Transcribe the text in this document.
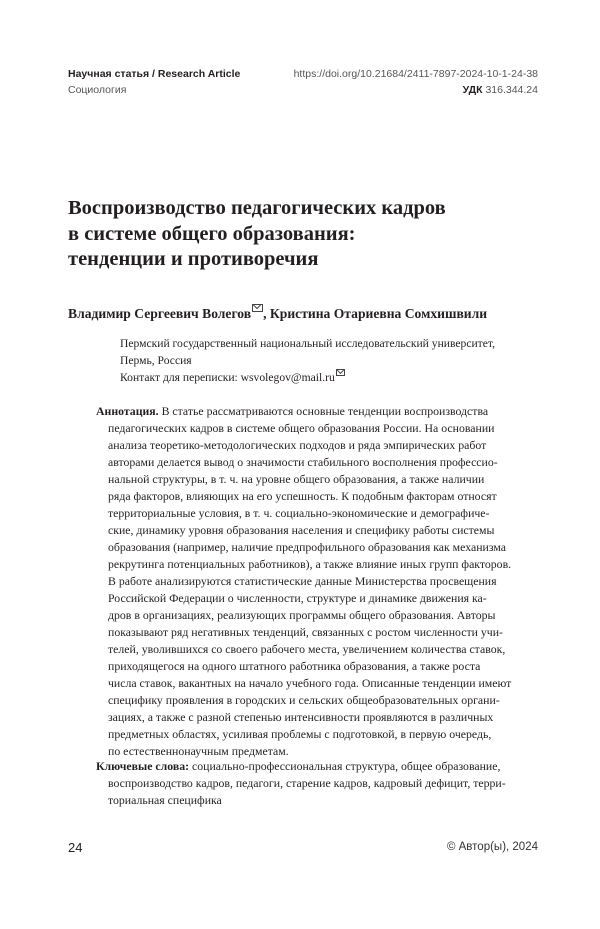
Научная статья / Research Article
Социология
https://doi.org/10.21684/2411-7897-2024-10-1-24-38
УДК 316.344.24
Воспроизводство педагогических кадров
в системе общего образования:
тенденции и противоречия
Владимир Сергеевич Волегов , Кристина Отариевна Сомхишвили
Пермский государственный национальный исследовательский университет,
Пермь, Россия
Контакт для переписки: wsvolegov@mail.ru
Аннотация. В статье рассматриваются основные тенденции воспроизводства
педагогических кадров в системе общего образования России. На основании
анализа теоретико-методологических подходов и ряда эмпирических работ
авторами делается вывод о значимости стабильного восполнения профессио-
нальной структуры, в т. ч. на уровне общего образования, а также наличии
ряда факторов, влияющих на его успешность. К подобным факторам относят
территориальные условия, в т. ч. социально-экономические и демографиче-
ские, динамику уровня образования населения и специфику работы системы
образования (например, наличие предпрофильного образования как механизма
рекрутинга потенциальных работников), а также влияние иных групп факторов.
В работе анализируются статистические данные Министерства просвещения
Российской Федерации о численности, структуре и динамике движения ка-
дров в организациях, реализующих программы общего образования. Авторы
показывают ряд негативных тенденций, связанных с ростом численности учи-
телей, уволившихся со своего рабочего места, увеличением количества ставок,
приходящегося на одного штатного работника образования, а также роста
числа ставок, вакантных на начало учебного года. Описанные тенденции имеют
специфику проявления в городских и сельских общеобразовательных органи-
зациях, а также с разной степенью интенсивности проявляются в различных
предметных областях, усиливая проблемы с подготовкой, в первую очередь,
по естественнонаучным предметам.
Ключевые слова: социально-профессиональная структура, общее образование,
воспроизводство кадров, педагоги, старение кадров, кадровый дефицит, терри-
ториальная специфика
24	© Автор(ы), 2024
